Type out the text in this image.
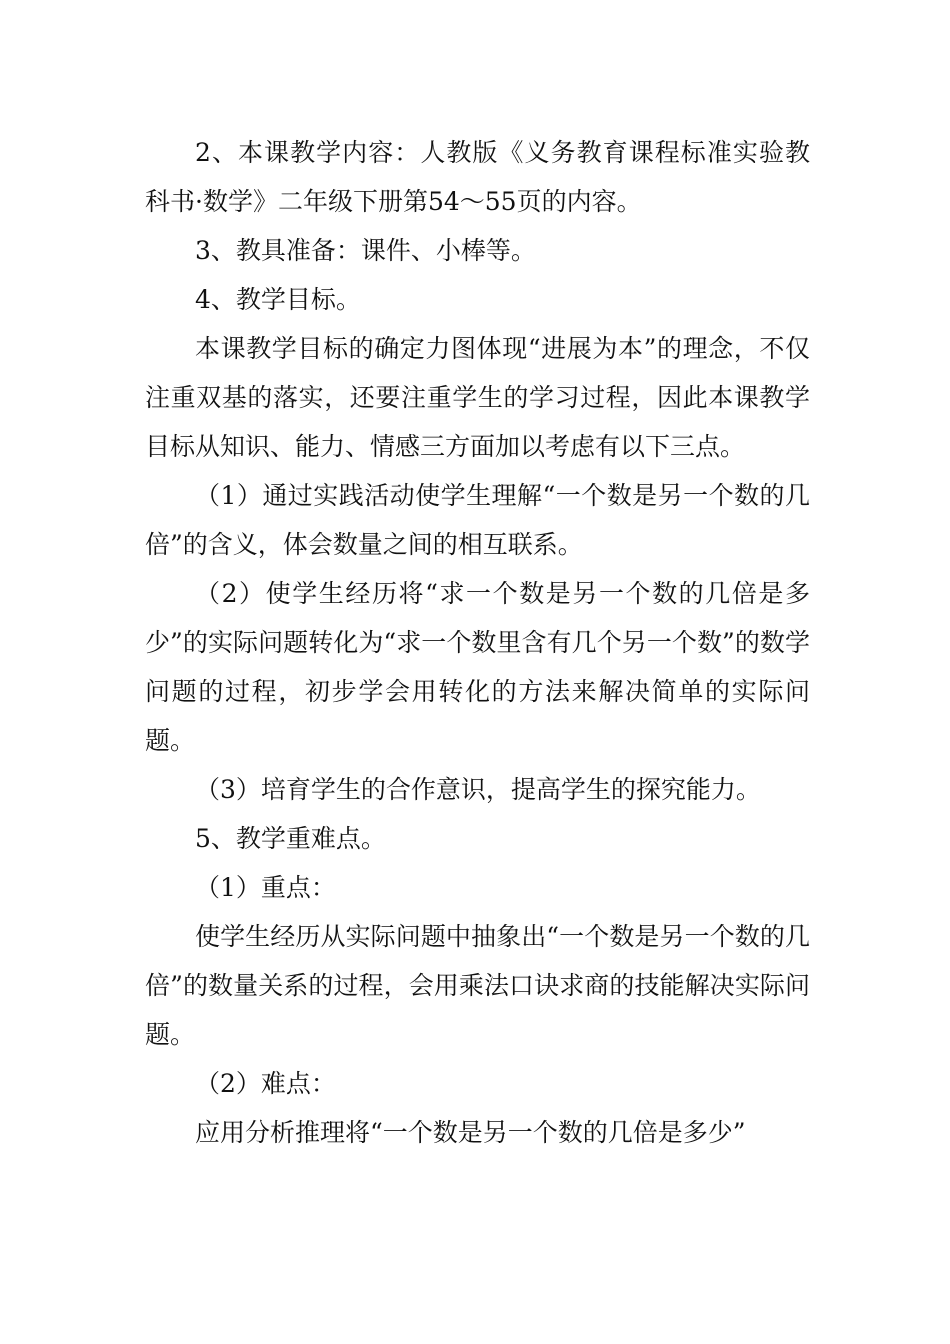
2、本课教学内容：人教版《义务教育课程标准实验教科书·数学》二年级下册第54～55页的内容。

3、教具准备：课件、小棒等。

4、教学目标。

本课教学目标的确定力图体现“进展为本”的理念，不仅注重双基的落实，还要注重学生的学习过程，因此本课教学目标从知识、能力、情感三方面加以考虑有以下三点。

（1）通过实践活动使学生理解“一个数是另一个数的几倍”的含义，体会数量之间的相互联系。

（2）使学生经历将“求一个数是另一个数的几倍是多少”的实际问题转化为“求一个数里含有几个另一个数”的数学问题的过程，初步学会用转化的方法来解决简单的实际问题。

（3）培育学生的合作意识，提高学生的探究能力。

5、教学重难点。

（1）重点：

使学生经历从实际问题中抽象出“一个数是另一个数的几倍”的数量关系的过程，会用乘法口诀求商的技能解决实际问题。

（2）难点：

应用分析推理将“一个数是另一个数的几倍是多少”
